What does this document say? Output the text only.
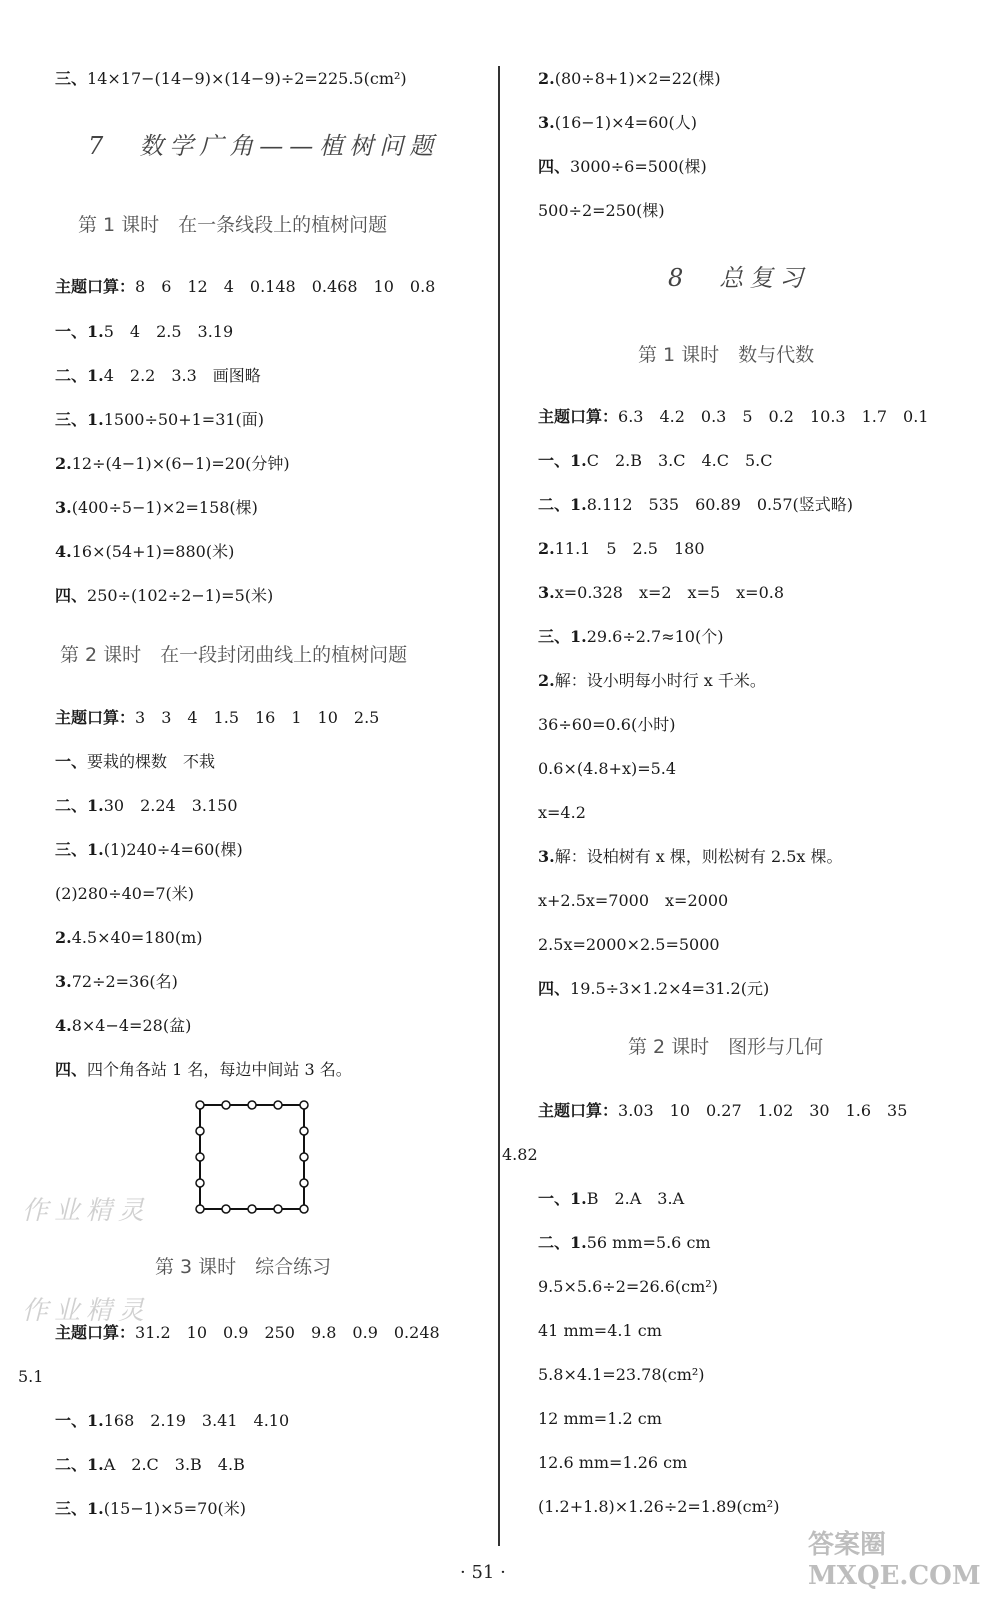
三、14×17−(14−9)×(14−9)÷2=225.5(cm²)
7　数学广角——植树问题
第 1 课时　在一条线段上的植树问题
主题口算：8　6　12　4　0.148　0.468　10　0.8
一、1.5　4　2.5　3.19
二、1.4　2.2　3.3　画图略
三、1.1500÷50+1=31(面)
2.12÷(4−1)×(6−1)=20(分钟)
3.(400÷5−1)×2=158(棵)
4.16×(54+1)=880(米)
四、250÷(102÷2−1)=5(米)
第 2 课时　在一段封闭曲线上的植树问题
主题口算：3　3　4　1.5　16　1　10　2.5
一、要栽的棵数　不栽
二、1.30　2.24　3.150
三、1.(1)240÷4=60(棵)
(2)280÷40=7(米)
2.4.5×40=180(m)
3.72÷2=36(名)
4.8×4−4=28(盆)
四、四个角各站 1 名，每边中间站 3 名。
第 3 课时　综合练习
主题口算：31.2　10　0.9　250　9.8　0.9　0.248
5.1
一、1.168　2.19　3.41　4.10
二、1.A　2.C　3.B　4.B
三、1.(15−1)×5=70(米)
2.(80÷8+1)×2=22(棵)
3.(16−1)×4=60(人)
四、3000÷6=500(棵)
500÷2=250(棵)
8　总复习
第 1 课时　数与代数
主题口算：6.3　4.2　0.3　5　0.2　10.3　1.7　0.1
一、1.C　2.B　3.C　4.C　5.C
二、1.8.112　535　60.89　0.57(竖式略)
2.11.1　5　2.5　180
3.x=0.328　x=2　x=5　x=0.8
三、1.29.6÷2.7≈10(个)
2.解：设小明每小时行 x 千米。
36÷60=0.6(小时)
0.6×(4.8+x)=5.4
x=4.2
3.解：设柏树有 x 棵，则松树有 2.5x 棵。
x+2.5x=7000　x=2000
2.5x=2000×2.5=5000
四、19.5÷3×1.2×4=31.2(元)
第 2 课时　图形与几何
主题口算：3.03　10　0.27　1.02　30　1.6　35
4.82
一、1.B　2.A　3.A
二、1.56 mm=5.6 cm
9.5×5.6÷2=26.6(cm²)
41 mm=4.1 cm
5.8×4.1=23.78(cm²)
12 mm=1.2 cm
12.6 mm=1.26 cm
(1.2+1.8)×1.26÷2=1.89(cm²)
作业精灵
作业精灵
答案圈 MXQE.COM
· 51 ·
